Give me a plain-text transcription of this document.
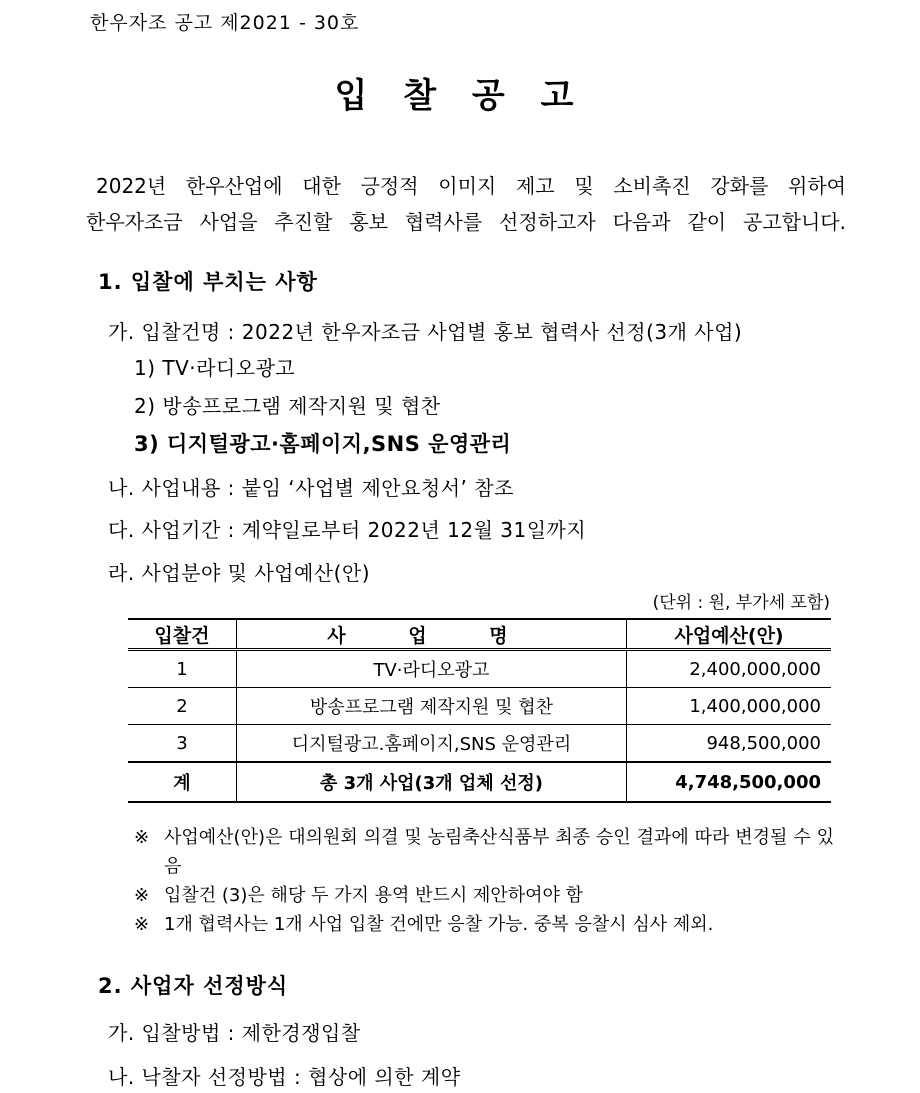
한우자조 공고 제2021 - 30호
입 찰 공 고
2022년 한우산업에 대한 긍정적 이미지 제고 및 소비촉진 강화를 위하여
한우자조금 사업을 추진할 홍보 협력사를 선정하고자 다음과 같이 공고합니다.
1. 입찰에 부치는 사항
가. 입찰건명 : 2022년 한우자조금 사업별 홍보 협력사 선정(3개 사업)
1) TV·라디오광고
2) 방송프로그램 제작지원 및 협찬
3) 디지털광고·홈페이지,SNS 운영관리
나. 사업내용 : 붙임 ‘사업별 제안요청서’ 참조
다. 사업기간 : 계약일로부터 2022년 12월 31일까지
라. 사업분야 및 사업예산(안)
(단위 : 원, 부가세 포함)
입찰건	사 업 명	사업예산(안)
1	TV·라디오광고	2,400,000,000
2	방송프로그램 제작지원 및 협찬	1,400,000,000
3	디지털광고.홈페이지,SNS 운영관리	948,500,000
계	총 3개 사업(3개 업체 선정)	4,748,500,000
※ 사업예산(안)은 대의원회 의결 및 농림축산식품부 최종 승인 결과에 따라 변경될 수 있음
※ 입찰건 (3)은 해당 두 가지 용역 반드시 제안하여야 함
※ 1개 협력사는 1개 사업 입찰 건에만 응찰 가능. 중복 응찰시 심사 제외.
2. 사업자 선정방식
가. 입찰방법 : 제한경쟁입찰
나. 낙찰자 선정방법 : 협상에 의한 계약
